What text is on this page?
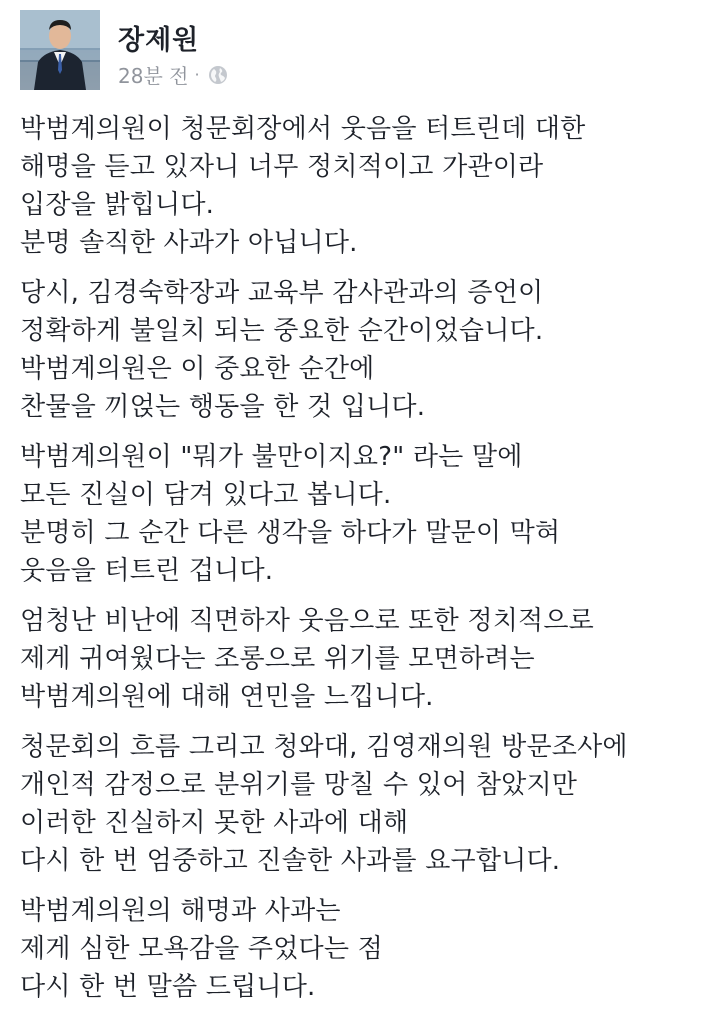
장제원
28분 전 ·
박범계의원이 청문회장에서 웃음을 터트린데 대한
해명을 듣고 있자니 너무 정치적이고 가관이라
입장을 밝힙니다.
분명 솔직한 사과가 아닙니다.
당시, 김경숙학장과 교육부 감사관과의 증언이
정확하게 불일치 되는 중요한 순간이었습니다.
박범계의원은 이 중요한 순간에
찬물을 끼얹는 행동을 한 것 입니다.
박범계의원이 "뭐가 불만이지요?" 라는 말에
모든 진실이 담겨 있다고 봅니다.
분명히 그 순간 다른 생각을 하다가 말문이 막혀
웃음을 터트린 겁니다.
엄청난 비난에 직면하자 웃음으로 또한 정치적으로
제게 귀여웠다는 조롱으로 위기를 모면하려는
박범계의원에 대해 연민을 느낍니다.
청문회의 흐름 그리고 청와대, 김영재의원 방문조사에
개인적 감정으로 분위기를 망칠 수 있어 참았지만
이러한 진실하지 못한 사과에 대해
다시 한 번 엄중하고 진솔한 사과를 요구합니다.
박범계의원의 해명과 사과는
제게 심한 모욕감을 주었다는 점
다시 한 번 말씀 드립니다.
